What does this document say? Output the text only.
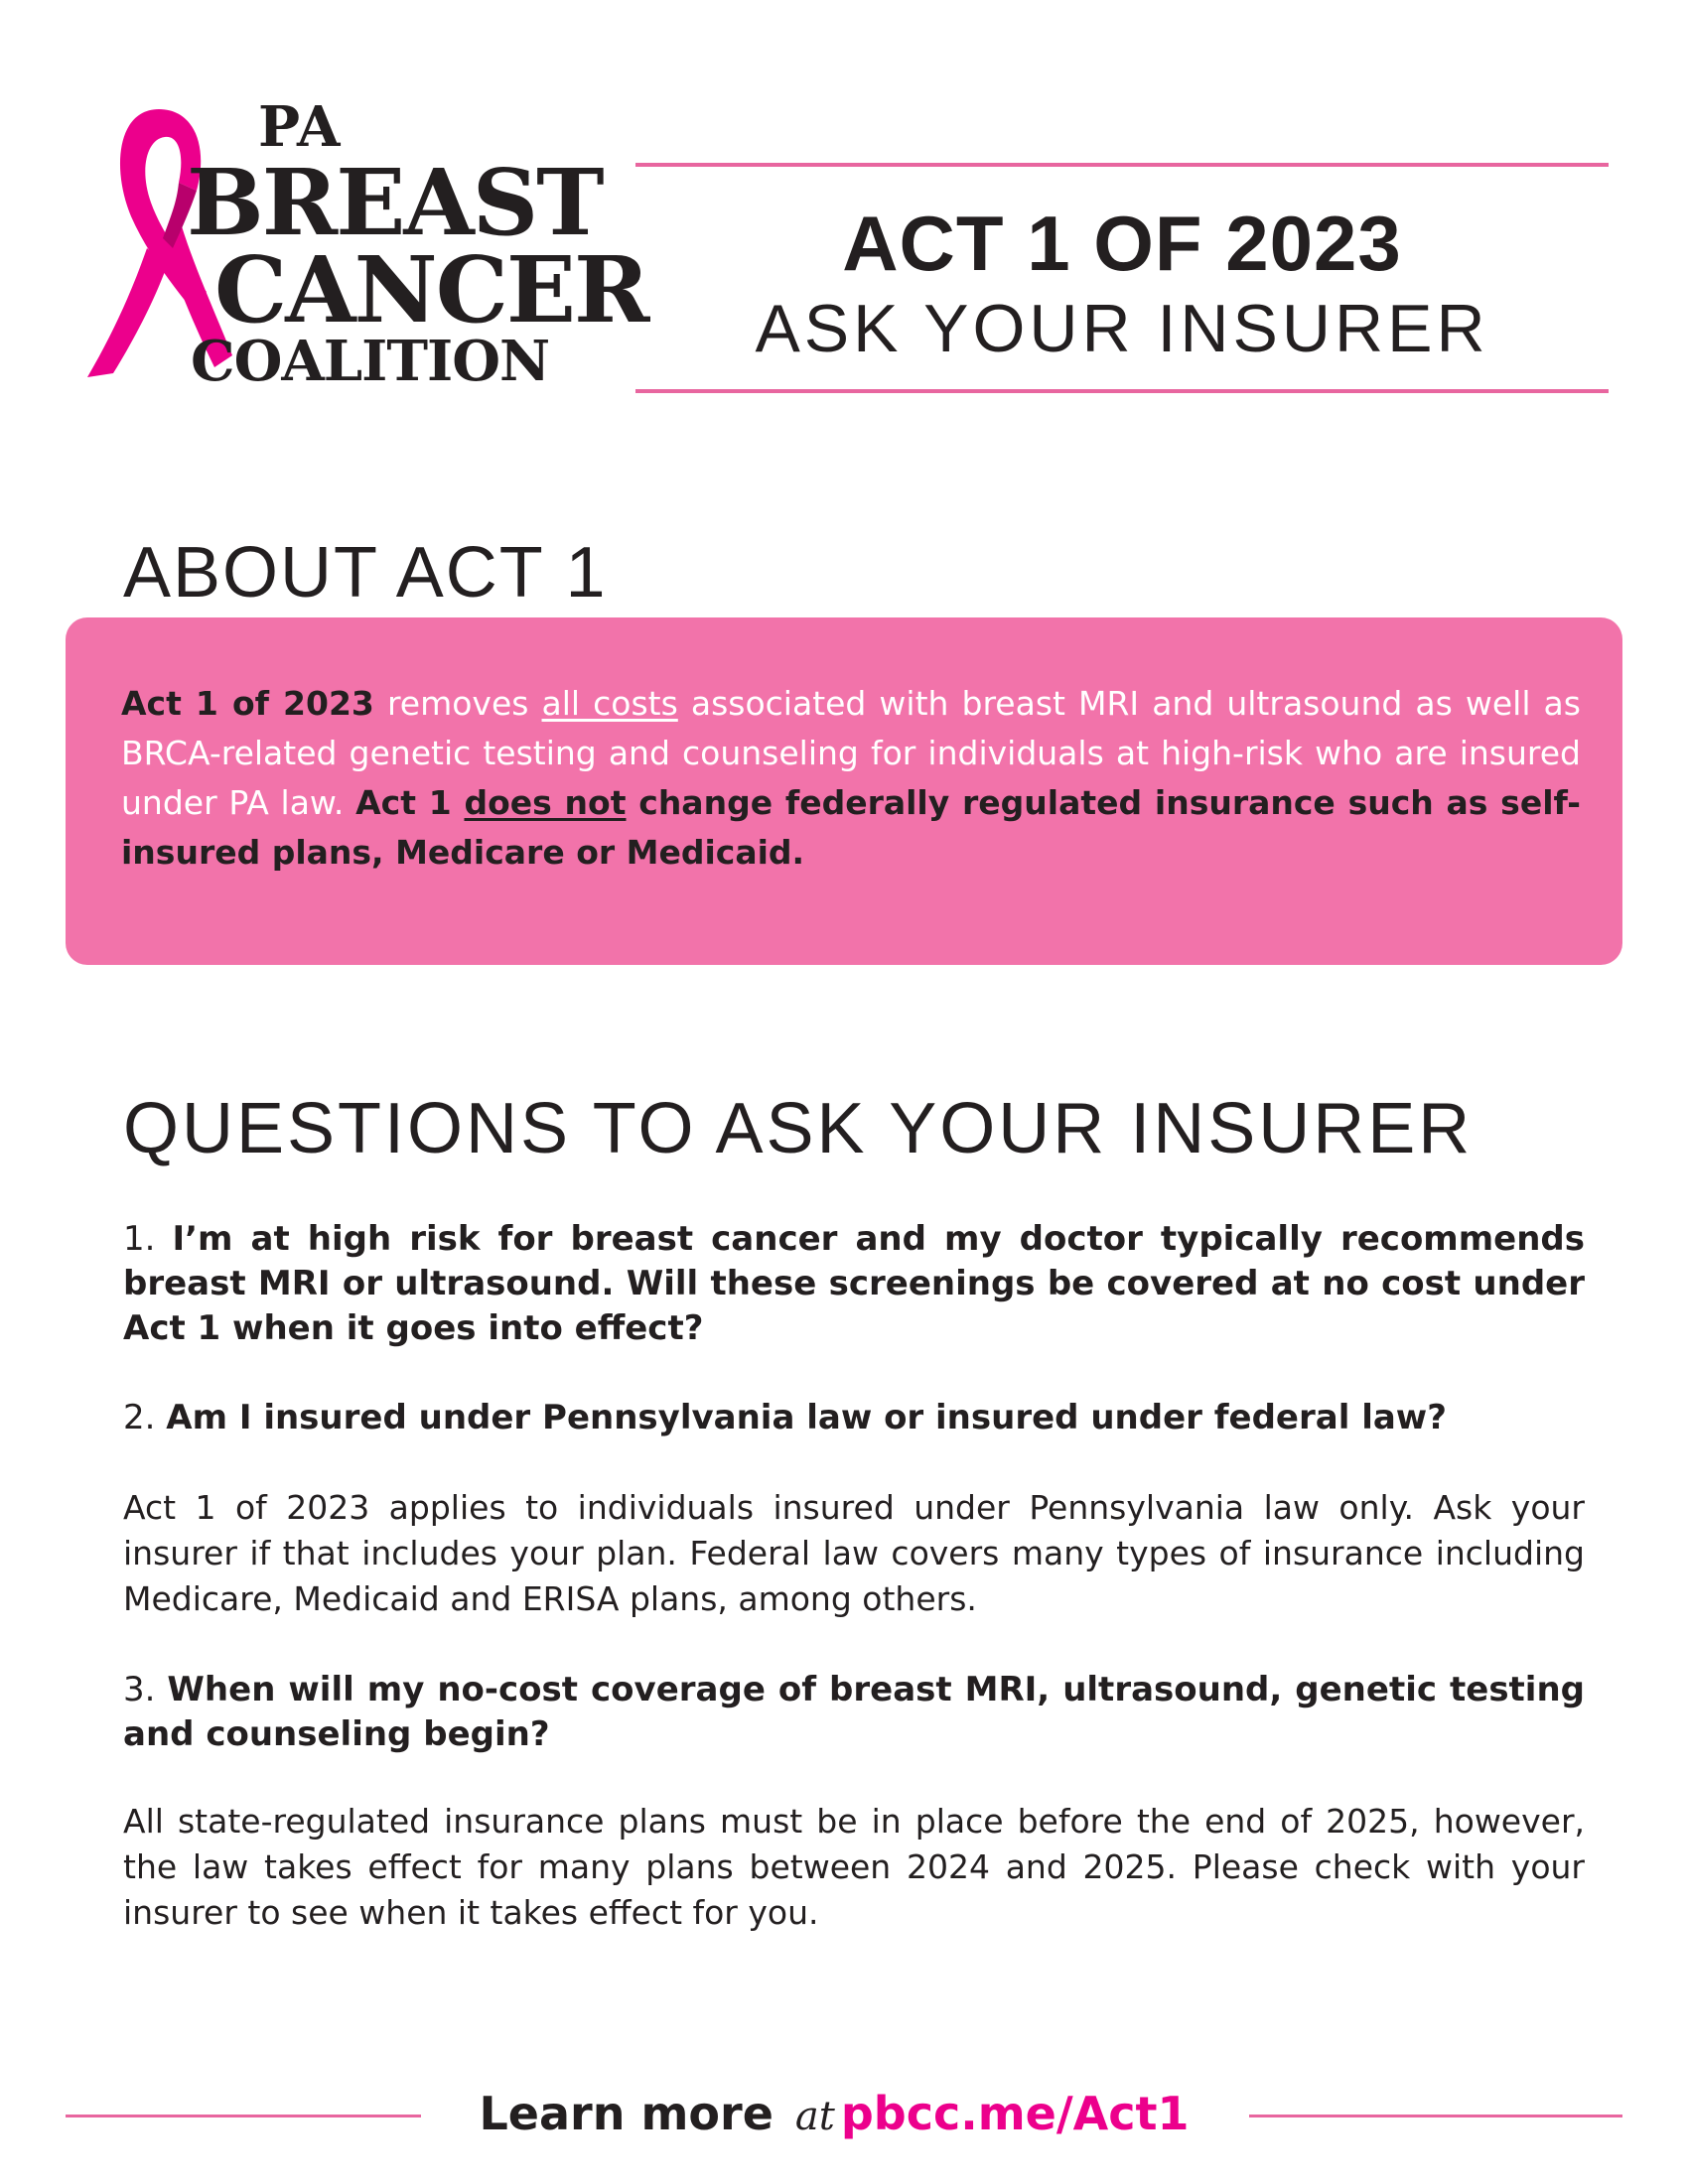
PA
BREAST
CANCER
COALITION
ACT 1 OF 2023
ASK YOUR INSURER
ABOUT ACT 1

Act 1 of 2023 removes all costs associated with breast MRI and ultrasound as well as BRCA-related genetic testing and counseling for individuals at high-risk who are insured under PA law. Act 1 does not change federally regulated insurance such as self-insured plans, Medicare or Medicaid.

QUESTIONS TO ASK YOUR INSURER

1. I’m at high risk for breast cancer and my doctor typically recommends breast MRI or ultrasound. Will these screenings be covered at no cost under Act 1 when it goes into effect?

2. Am I insured under Pennsylvania law or insured under federal law?

Act 1 of 2023 applies to individuals insured under Pennsylvania law only. Ask your insurer if that includes your plan. Federal law covers many types of insurance including Medicare, Medicaid and ERISA plans, among others.

3. When will my no-cost coverage of breast MRI, ultrasound, genetic testing and counseling begin?

All state-regulated insurance plans must be in place before the end of 2025, however, the law takes effect for many plans between 2024 and 2025. Please check with your insurer to see when it takes effect for you.

Learn more at pbcc.me/Act1
